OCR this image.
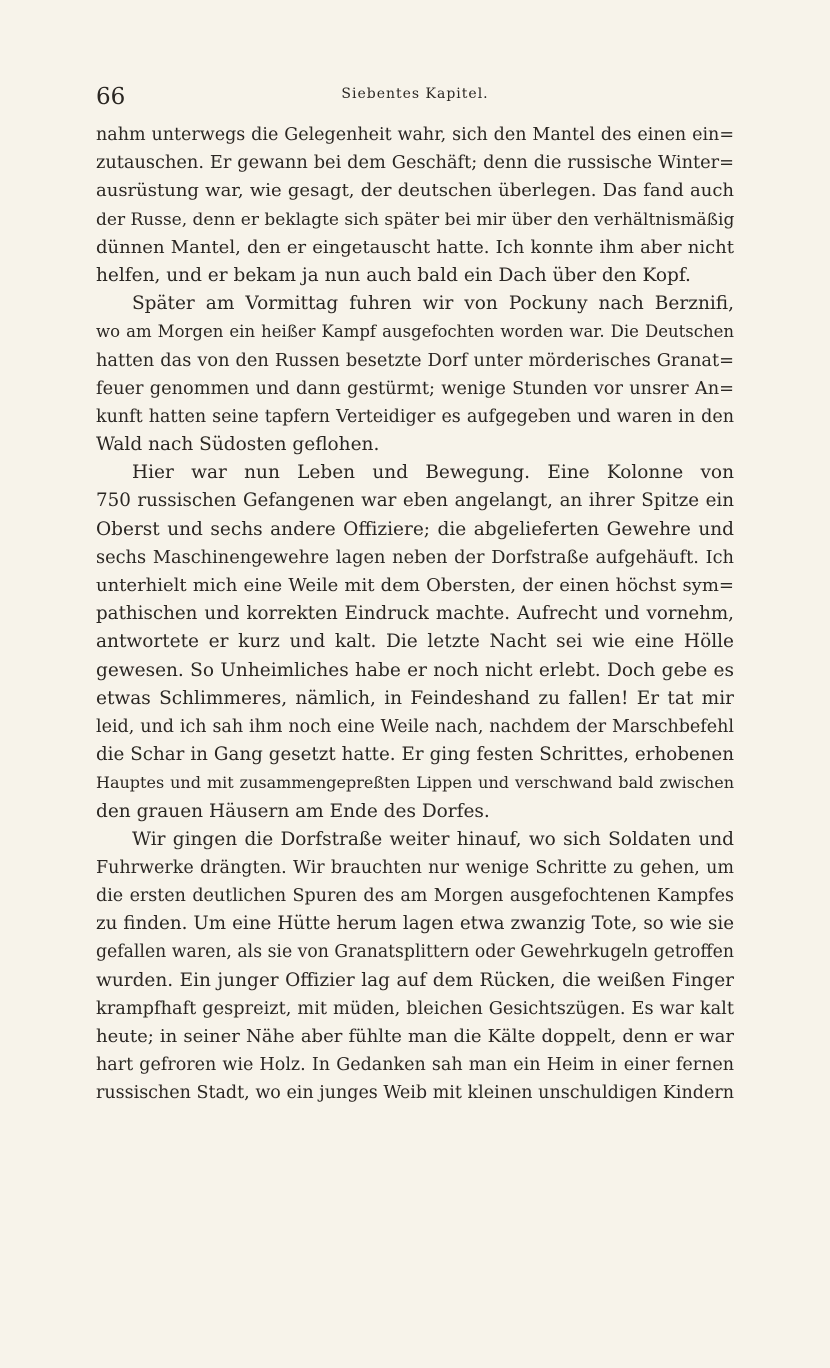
66	Siebentes Kapitel.
nahm unterwegs die Gelegenheit wahr, sich den Mantel des einen ein=
zutauschen. Er gewann bei dem Geschäft; denn die russische Winter=
ausrüstung war, wie gesagt, der deutschen überlegen. Das fand auch
der Russe, denn er beklagte sich später bei mir über den verhältnismäßig
dünnen Mantel, den er eingetauscht hatte. Ich konnte ihm aber nicht
helfen, und er bekam ja nun auch bald ein Dach über den Kopf.
Später am Vormittag fuhren wir von Pockuny nach Berznifi,
wo am Morgen ein heißer Kampf ausgefochten worden war. Die Deutschen
hatten das von den Russen besetzte Dorf unter mörderisches Granat=
feuer genommen und dann gestürmt; wenige Stunden vor unsrer An=
kunft hatten seine tapfern Verteidiger es aufgegeben und waren in den
Wald nach Südosten geflohen.
Hier war nun Leben und Bewegung. Eine Kolonne von
750 russischen Gefangenen war eben angelangt, an ihrer Spitze ein
Oberst und sechs andere Offiziere; die abgelieferten Gewehre und
sechs Maschinengewehre lagen neben der Dorfstraße aufgehäuft. Ich
unterhielt mich eine Weile mit dem Obersten, der einen höchst sym=
pathischen und korrekten Eindruck machte. Aufrecht und vornehm,
antwortete er kurz und kalt. Die letzte Nacht sei wie eine Hölle
gewesen. So Unheimliches habe er noch nicht erlebt. Doch gebe es
etwas Schlimmeres, nämlich, in Feindeshand zu fallen! Er tat mir
leid, und ich sah ihm noch eine Weile nach, nachdem der Marschbefehl
die Schar in Gang gesetzt hatte. Er ging festen Schrittes, erhobenen
Hauptes und mit zusammengepreßten Lippen und verschwand bald zwischen
den grauen Häusern am Ende des Dorfes.
Wir gingen die Dorfstraße weiter hinauf, wo sich Soldaten und
Fuhrwerke drängten. Wir brauchten nur wenige Schritte zu gehen, um
die ersten deutlichen Spuren des am Morgen ausgefochtenen Kampfes
zu finden. Um eine Hütte herum lagen etwa zwanzig Tote, so wie sie
gefallen waren, als sie von Granatsplittern oder Gewehrkugeln getroffen
wurden. Ein junger Offizier lag auf dem Rücken, die weißen Finger
krampfhaft gespreizt, mit müden, bleichen Gesichtszügen. Es war kalt
heute; in seiner Nähe aber fühlte man die Kälte doppelt, denn er war
hart gefroren wie Holz. In Gedanken sah man ein Heim in einer fernen
russischen Stadt, wo ein junges Weib mit kleinen unschuldigen Kindern
